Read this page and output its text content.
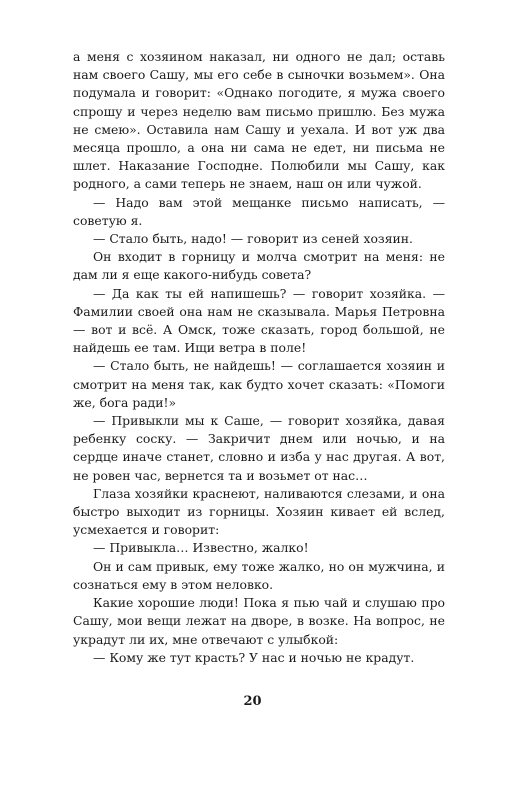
а меня с хозяином наказал, ни одного не дал; оставь нам своего Сашу, мы его себе в сыночки возьмем». Она подумала и говорит: «Однако погодите, я мужа своего спрошу и через неделю вам письмо пришлю. Без мужа не смею». Оставила нам Сашу и уехала. И вот уж два месяца прошло, а она ни сама не едет, ни письма не шлет. Наказание Господне. Полюбили мы Сашу, как родного, а сами теперь не знаем, наш он или чужой.

— Надо вам этой мещанке письмо написать, — советую я.

— Стало быть, надо! — говорит из сеней хозяин.

Он входит в горницу и молча смотрит на меня: не дам ли я еще какого-нибудь совета?

— Да как ты ей напишешь? — говорит хозяйка. — Фамилии своей она нам не сказывала. Марья Петровна — вот и всё. А Омск, тоже сказать, город большой, не найдешь ее там. Ищи ветра в поле!

— Стало быть, не найдешь! — соглашается хозяин и смотрит на меня так, как будто хочет сказать: «Помоги же, бога ради!»

— Привыкли мы к Саше, — говорит хозяйка, давая ребенку соску. — Закричит днем или ночью, и на сердце иначе станет, словно и изба у нас другая. А вот, не ровен час, вернется та и возьмет от нас…

Глаза хозяйки краснеют, наливаются слезами, и она быстро выходит из горницы. Хозяин кивает ей вслед, усмехается и говорит:

— Привыкла… Известно, жалко!

Он и сам привык, ему тоже жалко, но он мужчина, и сознаться ему в этом неловко.

Какие хорошие люди! Пока я пью чай и слушаю про Сашу, мои вещи лежат на дворе, в возке. На вопрос, не украдут ли их, мне отвечают с улыбкой:

— Кому же тут красть? У нас и ночью не крадут.

20
